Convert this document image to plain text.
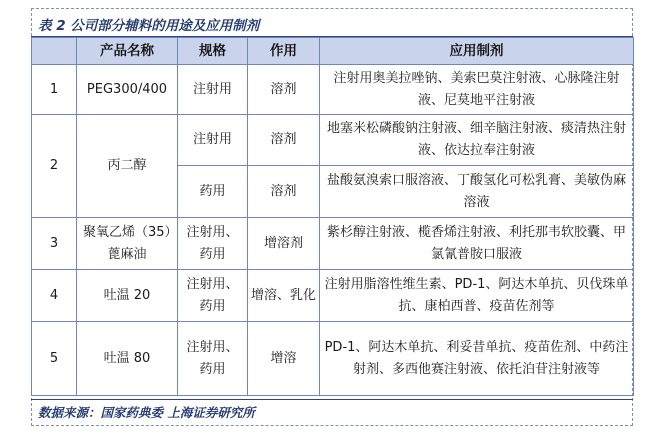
表 2 公司部分辅料的用途及应用制剂
	产品名称	规格	作用	应用制剂
1	PEG300/400	注射用	溶剂	注射用奥美拉唑钠、美索巴莫注射液、心脉隆注射液、尼莫地平注射液
2	丙二醇	注射用	溶剂	地塞米松磷酸钠注射液、细辛脑注射液、痰清热注射液、依达拉奉注射液
		药用	溶剂	盐酸氨溴索口服溶液、丁酸氢化可松乳膏、美敏伪麻溶液
3	聚氧乙烯（35）蓖麻油	注射用、药用	增溶剂	紫杉醇注射液、榄香烯注射液、利托那韦软胶囊、甲氯氰普胺口服液
4	吐温 20	注射用、药用	增溶、乳化	注射用脂溶性维生素、PD-1、阿达木单抗、贝伐珠单抗、康柏西普、疫苗佐剂等
5	吐温 80	注射用、药用	增溶	PD-1、阿达木单抗、利妥昔单抗、疫苗佐剂、中药注射剂、多西他赛注射液、依托泊苷注射液等
数据来源：国家药典委 上海证券研究所
